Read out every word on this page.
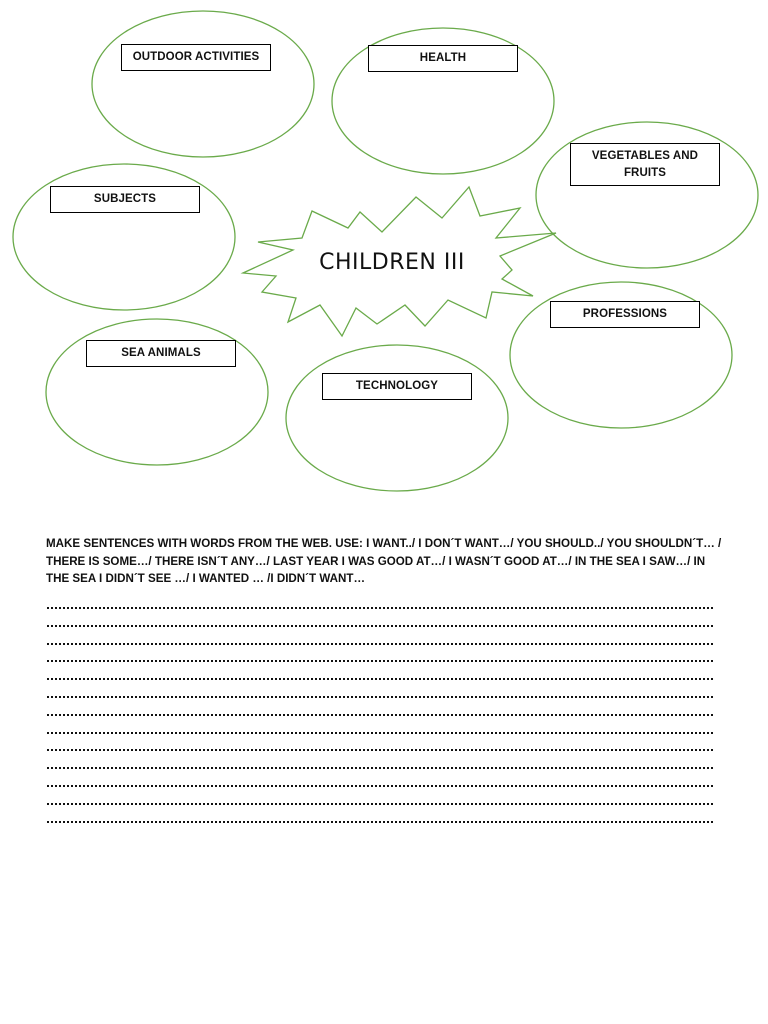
OUTDOOR ACTIVITIES	HEALTH
SUBJECTS
VEGETABLES AND FRUITS
PROFESSIONS
SEA ANIMALS
TECHNOLOGY
CHILDREN III
MAKE SENTENCES WITH WORDS FROM THE WEB. USE: I WANT../ I DON´T WANT…/ YOU SHOULD../ YOU SHOULDN´T… / THERE IS SOME…/ THERE ISN´T ANY…/ LAST YEAR I WAS GOOD AT…/ I WASN´T GOOD AT…/ IN THE SEA I SAW…/ IN THE SEA I DIDN´T SEE …/ I WANTED … /I DIDN´T WANT…
